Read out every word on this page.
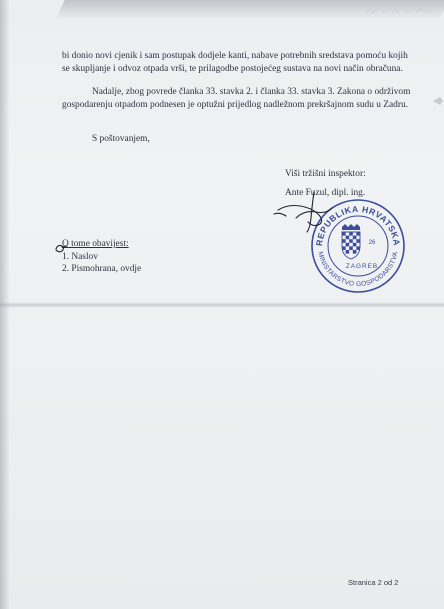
bi donio novi cjenik i sam postupak dodjele kanti, nabave potrebnih sredstava pomoću kojih
se skupljanje i odvoz otpada vrši, te prilagodbe postojećeg sustava na novi način obračuna.
Nadalje, zbog povrede članka 33. stavka 2. i članka 33. stavka 3. Zakona o održivom
gospodarenju otpadom podnesen je optužni prijedlog nadležnom prekršajnom sudu u Zadru.
S poštovanjem,
Viši tržišni inspektor:
Ante Fuzul, dipl. ing.
REPUBLIKA HRVATSKA
MINISTARSTVO GOSPODARSTVA
26
ZAGREB
O tome obavijest:
1. Naslov
2. Pismohrana, ovdje
Stranica 2 od 2
